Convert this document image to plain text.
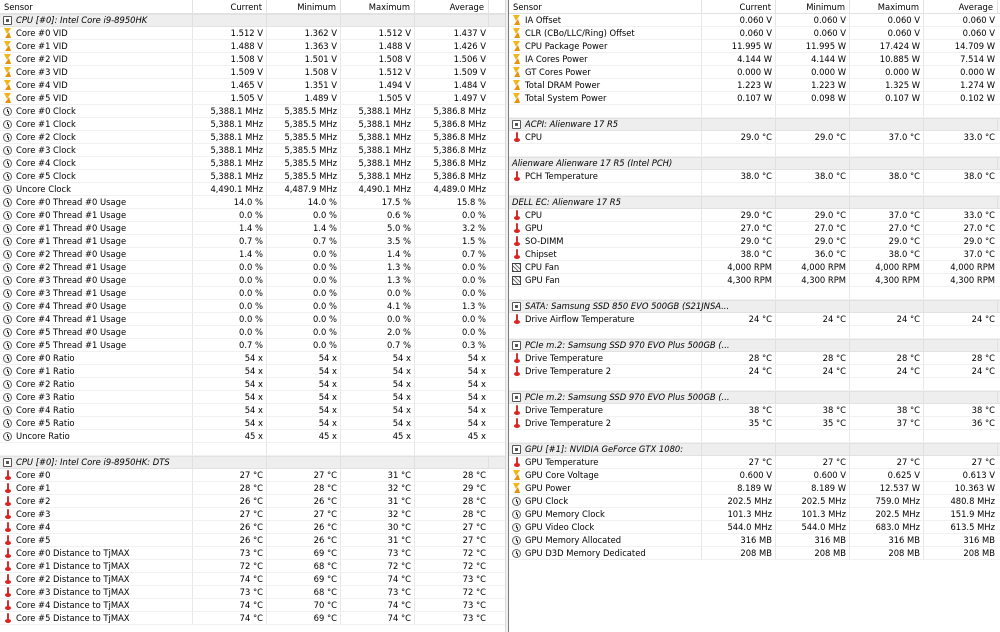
Sensor	Current	Minimum	Maximum	Average
CPU [#0]: Intel Core i9-8950HK
Core #0 VID	1.512 V	1.362 V	1.512 V	1.437 V
Core #1 VID	1.488 V	1.363 V	1.488 V	1.426 V
Core #2 VID	1.508 V	1.501 V	1.508 V	1.506 V
Core #3 VID	1.509 V	1.508 V	1.512 V	1.509 V
Core #4 VID	1.465 V	1.351 V	1.494 V	1.484 V
Core #5 VID	1.505 V	1.489 V	1.505 V	1.497 V
Core #0 Clock	5,388.1 MHz	5,385.5 MHz	5,388.1 MHz	5,386.8 MHz
Core #1 Clock	5,388.1 MHz	5,385.5 MHz	5,388.1 MHz	5,386.8 MHz
Core #2 Clock	5,388.1 MHz	5,385.5 MHz	5,388.1 MHz	5,386.8 MHz
Core #3 Clock	5,388.1 MHz	5,385.5 MHz	5,388.1 MHz	5,386.8 MHz
Core #4 Clock	5,388.1 MHz	5,385.5 MHz	5,388.1 MHz	5,386.8 MHz
Core #5 Clock	5,388.1 MHz	5,385.5 MHz	5,388.1 MHz	5,386.8 MHz
Uncore Clock	4,490.1 MHz	4,487.9 MHz	4,490.1 MHz	4,489.0 MHz
Core #0 Thread #0 Usage	14.0 %	14.0 %	17.5 %	15.8 %
Core #0 Thread #1 Usage	0.0 %	0.0 %	0.6 %	0.0 %
Core #1 Thread #0 Usage	1.4 %	1.4 %	5.0 %	3.2 %
Core #1 Thread #1 Usage	0.7 %	0.7 %	3.5 %	1.5 %
Core #2 Thread #0 Usage	1.4 %	0.0 %	1.4 %	0.7 %
Core #2 Thread #1 Usage	0.0 %	0.0 %	1.3 %	0.0 %
Core #3 Thread #0 Usage	0.0 %	0.0 %	1.3 %	0.0 %
Core #3 Thread #1 Usage	0.0 %	0.0 %	0.0 %	0.0 %
Core #4 Thread #0 Usage	0.0 %	0.0 %	4.1 %	1.3 %
Core #4 Thread #1 Usage	0.0 %	0.0 %	0.0 %	0.0 %
Core #5 Thread #0 Usage	0.0 %	0.0 %	2.0 %	0.0 %
Core #5 Thread #1 Usage	0.7 %	0.0 %	0.7 %	0.3 %
Core #0 Ratio	54 x	54 x	54 x	54 x
Core #1 Ratio	54 x	54 x	54 x	54 x
Core #2 Ratio	54 x	54 x	54 x	54 x
Core #3 Ratio	54 x	54 x	54 x	54 x
Core #4 Ratio	54 x	54 x	54 x	54 x
Core #5 Ratio	54 x	54 x	54 x	54 x
Uncore Ratio	45 x	45 x	45 x	45 x
CPU [#0]: Intel Core i9-8950HK: DTS
Core #0	27 °C	27 °C	31 °C	28 °C
Core #1	28 °C	28 °C	32 °C	29 °C
Core #2	26 °C	26 °C	31 °C	28 °C
Core #3	27 °C	27 °C	32 °C	28 °C
Core #4	26 °C	26 °C	30 °C	27 °C
Core #5	26 °C	26 °C	31 °C	27 °C
Core #0 Distance to TjMAX	73 °C	69 °C	73 °C	72 °C
Core #1 Distance to TjMAX	72 °C	68 °C	72 °C	72 °C
Core #2 Distance to TjMAX	74 °C	69 °C	74 °C	73 °C
Core #3 Distance to TjMAX	73 °C	68 °C	73 °C	72 °C
Core #4 Distance to TjMAX	74 °C	70 °C	74 °C	73 °C
Core #5 Distance to TjMAX	74 °C	69 °C	74 °C	73 °C
Sensor	Current	Minimum	Maximum	Average
IA Offset	0.060 V	0.060 V	0.060 V	0.060 V
CLR (CBo/LLC/Ring) Offset	0.060 V	0.060 V	0.060 V	0.060 V
CPU Package Power	11.995 W	11.995 W	17.424 W	14.709 W
IA Cores Power	4.144 W	4.144 W	10.885 W	7.514 W
GT Cores Power	0.000 W	0.000 W	0.000 W	0.000 W
Total DRAM Power	1.223 W	1.223 W	1.325 W	1.274 W
Total System Power	0.107 W	0.098 W	0.107 W	0.102 W
ACPI: Alienware 17 R5
CPU	29.0 °C	29.0 °C	37.0 °C	33.0 °C
Alienware Alienware 17 R5 (Intel PCH)
PCH Temperature	38.0 °C	38.0 °C	38.0 °C	38.0 °C
DELL EC: Alienware 17 R5
CPU	29.0 °C	29.0 °C	37.0 °C	33.0 °C
GPU	27.0 °C	27.0 °C	27.0 °C	27.0 °C
SO-DIMM	29.0 °C	29.0 °C	29.0 °C	29.0 °C
Chipset	38.0 °C	36.0 °C	38.0 °C	37.0 °C
CPU Fan	4,000 RPM	4,000 RPM	4,000 RPM	4,000 RPM
GPU Fan	4,300 RPM	4,300 RPM	4,300 RPM	4,300 RPM
SATA: Samsung SSD 850 EVO 500GB (S21JNSA...
Drive Airflow Temperature	24 °C	24 °C	24 °C	24 °C
PCIe m.2: Samsung SSD 970 EVO Plus 500GB (...
Drive Temperature	28 °C	28 °C	28 °C	28 °C
Drive Temperature 2	24 °C	24 °C	24 °C	24 °C
PCIe m.2: Samsung SSD 970 EVO Plus 500GB (...
Drive Temperature	38 °C	38 °C	38 °C	38 °C
Drive Temperature 2	35 °C	35 °C	37 °C	36 °C
GPU [#1]: NVIDIA GeForce GTX 1080:
GPU Temperature	27 °C	27 °C	27 °C	27 °C
GPU Core Voltage	0.600 V	0.600 V	0.625 V	0.613 V
GPU Power	8.189 W	8.189 W	12.537 W	10.363 W
GPU Clock	202.5 MHz	202.5 MHz	759.0 MHz	480.8 MHz
GPU Memory Clock	101.3 MHz	101.3 MHz	202.5 MHz	151.9 MHz
GPU Video Clock	544.0 MHz	544.0 MHz	683.0 MHz	613.5 MHz
GPU Memory Allocated	316 MB	316 MB	316 MB	316 MB
GPU D3D Memory Dedicated	208 MB	208 MB	208 MB	208 MB
